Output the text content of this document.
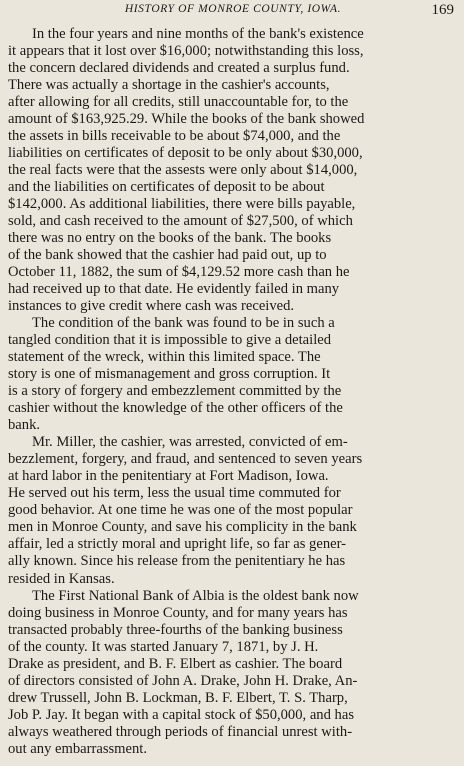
HISTORY OF MONROE COUNTY, IOWA.	169

In the four years and nine months of the bank's existence
it appears that it lost over $16,000; notwithstanding this loss,
the concern declared dividends and created a surplus fund.
There was actually a shortage in the cashier's accounts,
after allowing for all credits, still unaccountable for, to the
amount of $163,925.29. While the books of the bank showed
the assets in bills receivable to be about $74,000, and the
liabilities on certificates of deposit to be only about $30,000,
the real facts were that the assests were only about $14,000,
and the liabilities on certificates of deposit to be about
$142,000. As additional liabilities, there were bills payable,
sold, and cash received to the amount of $27,500, of which
there was no entry on the books of the bank. The books
of the bank showed that the cashier had paid out, up to
October 11, 1882, the sum of $4,129.52 more cash than he
had received up to that date. He evidently failed in many
instances to give credit where cash was received.

The condition of the bank was found to be in such a
tangled condition that it is impossible to give a detailed
statement of the wreck, within this limited space. The
story is one of mismanagement and gross corruption. It
is a story of forgery and embezzlement committed by the
cashier without the knowledge of the other officers of the
bank.

Mr. Miller, the cashier, was arrested, convicted of em-
bezzlement, forgery, and fraud, and sentenced to seven years
at hard labor in the penitentiary at Fort Madison, Iowa.
He served out his term, less the usual time commuted for
good behavior. At one time he was one of the most popular
men in Monroe County, and save his complicity in the bank
affair, led a strictly moral and upright life, so far as gener-
ally known. Since his release from the penitentiary he has
resided in Kansas.

The First National Bank of Albia is the oldest bank now
doing business in Monroe County, and for many years has
transacted probably three-fourths of the banking business
of the county. It was started January 7, 1871, by J. H.
Drake as president, and B. F. Elbert as cashier. The board
of directors consisted of John A. Drake, John H. Drake, An-
drew Trussell, John B. Lockman, B. F. Elbert, T. S. Tharp,
Job P. Jay. It began with a capital stock of $50,000, and has
always weathered through periods of financial unrest with-
out any embarrassment.
